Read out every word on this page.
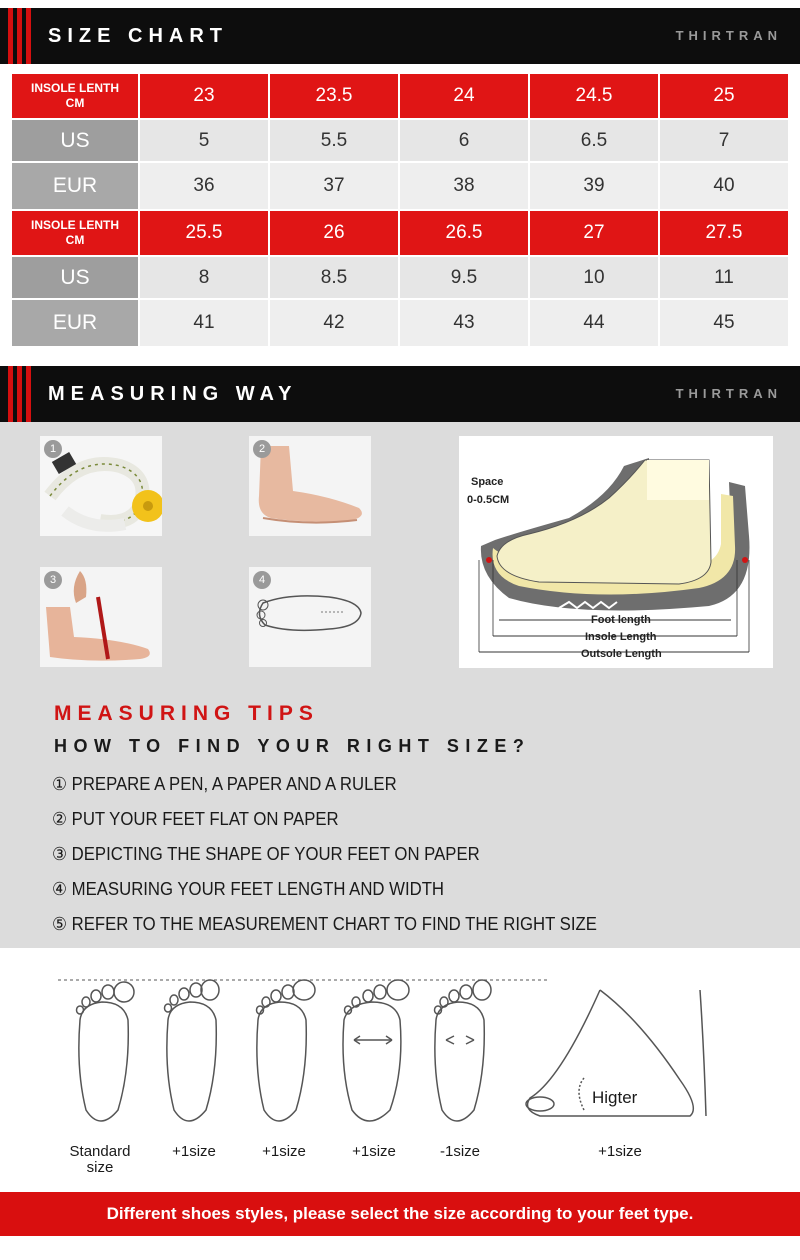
SIZE CHART	THIRTRAN
INSOLE LENTH
CM	23	23.5	24	24.5	25
US	5	5.5	6	6.5	7
EUR	36	37	38	39	40
INSOLE LENTH
CM	25.5	26	26.5	27	27.5
US	8	8.5	9.5	10	11
EUR	41	42	43	44	45
MEASURING WAY	THIRTRAN
1	2
3	4
Space
0-0.5CM
Foot length
Insole Length
Outsole Length
MEASURING TIPS
HOW TO FIND YOUR RIGHT SIZE?
① PREPARE A PEN, A PAPER AND A RULER
② PUT YOUR FEET FLAT ON PAPER
③ DEPICTING THE SHAPE OF YOUR FEET ON PAPER
④ MEASURING YOUR FEET LENGTH AND WIDTH
⑤ REFER TO THE MEASUREMENT CHART TO FIND THE RIGHT SIZE
Higter
Standard size
+1size	+1size	+1size	-1size	+1size
Different shoes styles, please select the size according to your feet type.
